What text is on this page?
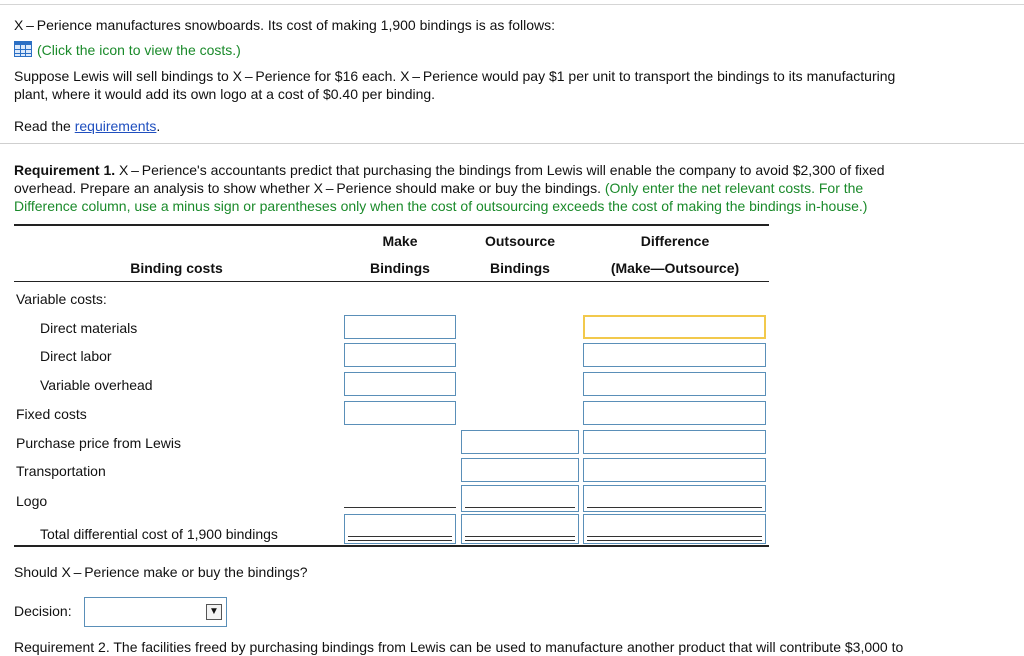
X – Perience manufactures snowboards. Its cost of making 1,900 bindings is as follows:
(Click the icon to view the costs.)
Suppose Lewis will sell bindings to X – Perience for $16 each. X – Perience would pay $1 per unit to transport the bindings to its manufacturing
plant, where it would add its own logo at a cost of $0.40 per binding.
Read the requirements.
Requirement 1. X – Perience's accountants predict that purchasing the bindings from Lewis will enable the company to avoid $2,300 of fixed
overhead. Prepare an analysis to show whether X – Perience should make or buy the bindings. (Only enter the net relevant costs. For the
Difference column, use a minus sign or parentheses only when the cost of outsourcing exceeds the cost of making the bindings in-house.)
Make
Bindings
Outsource
Bindings
Difference
(Make—Outsource)
Binding costs
Variable costs:
Direct materials
Direct labor
Variable overhead
Fixed costs
Purchase price from Lewis
Transportation
Logo
Total differential cost of 1,900 bindings
Should X – Perience make or buy the bindings?
Decision:	▼
Requirement 2. The facilities freed by purchasing bindings from Lewis can be used to manufacture another product that will contribute $3,000 to
